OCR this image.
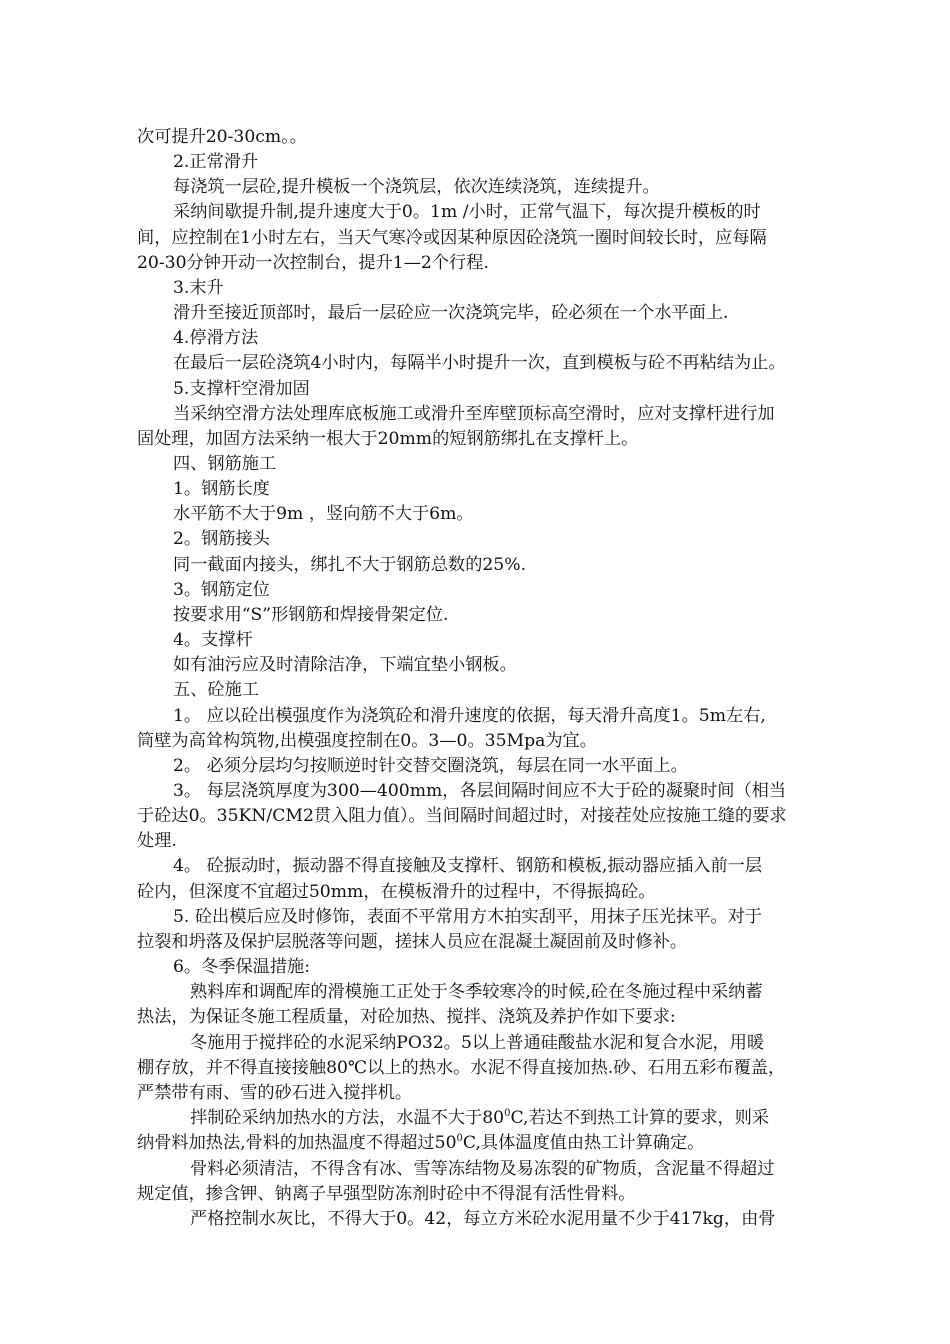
次可提升20-30cm。。
2.正常滑升
每浇筑一层砼,提升模板一个浇筑层，依次连续浇筑，连续提升。
采纳间歇提升制,提升速度大于0。1m /小时，正常气温下，每次提升模板的时
间，应控制在1小时左右，当天气寒冷或因某种原因砼浇筑一圈时间较长时，应每隔
20-30分钟开动一次控制台，提升1—2个行程.
3.末升
滑升至接近顶部时，最后一层砼应一次浇筑完毕，砼必须在一个水平面上.
4.停滑方法
在最后一层砼浇筑4小时内，每隔半小时提升一次，直到模板与砼不再粘结为止。
5.支撑杆空滑加固
当采纳空滑方法处理库底板施工或滑升至库壁顶标高空滑时，应对支撑杆进行加
固处理，加固方法采纳一根大于20mm的短钢筋绑扎在支撑杆上。
四、钢筋施工
1。钢筋长度
水平筋不大于9m ，竖向筋不大于6m。
2。钢筋接头
同一截面内接头，绑扎不大于钢筋总数的25%.
3。钢筋定位
按要求用“S”形钢筋和焊接骨架定位.
4。支撑杆
如有油污应及时清除洁净，下端宜垫小钢板。
五、砼施工
1。 应以砼出模强度作为浇筑砼和滑升速度的依据，每天滑升高度1。5m左右,
筒壁为高耸构筑物,出模强度控制在0。3—0。35Mpa为宜。
2。 必须分层均匀按顺逆时针交替交圈浇筑，每层在同一水平面上。
3。 每层浇筑厚度为300—400mm，各层间隔时间应不大于砼的凝聚时间（相当
于砼达0。35KN/CM2贯入阻力值）。当间隔时间超过时，对接茬处应按施工缝的要求
处理.
4。 砼振动时，振动器不得直接触及支撑杆、钢筋和模板,振动器应插入前一层
砼内，但深度不宜超过50mm，在模板滑升的过程中，不得振捣砼。
5. 砼出模后应及时修饰，表面不平常用方木拍实刮平，用抹子压光抹平。对于
拉裂和坍落及保护层脱落等问题，搓抹人员应在混凝土凝固前及时修补。
6。冬季保温措施:
熟料库和调配库的滑模施工正处于冬季较寒冷的时候,砼在冬施过程中采纳蓄
热法，为保证冬施工程质量，对砼加热、搅拌、浇筑及养护作如下要求:
冬施用于搅拌砼的水泥采纳PO32。5以上普通硅酸盐水泥和复合水泥，用暖
棚存放，并不得直接接触80℃以上的热水。水泥不得直接加热.砂、石用五彩布覆盖，
严禁带有雨、雪的砂石进入搅拌机。
拌制砼采纳加热水的方法，水温不大于$80^0C$,若达不到热工计算的要求，则采
纳骨料加热法,骨料的加热温度不得超过$50^0C$,具体温度值由热工计算确定。
骨料必须清洁，不得含有冰、雪等冻结物及易冻裂的矿物质，含泥量不得超过
规定值，掺含钾、钠离子早强型防冻剂时砼中不得混有活性骨料。
严格控制水灰比，不得大于0。42，每立方米砼水泥用量不少于417kg，由骨
